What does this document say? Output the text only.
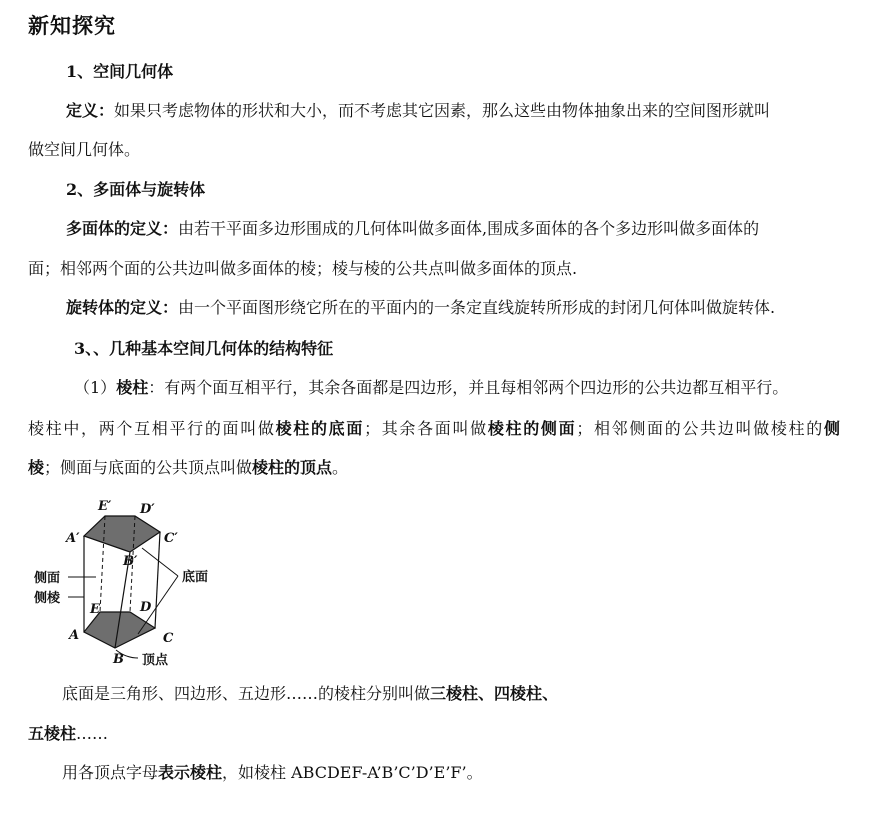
新知探究
1、空间几何体
定义：如果只考虑物体的形状和大小，而不考虑其它因素，那么这些由物体抽象出来的空间图形就叫
做空间几何体。
2、多面体与旋转体
多面体的定义：由若干平面多边形围成的几何体叫做多面体,围成多面体的各个多边形叫做多面体的
面；相邻两个面的公共边叫做多面体的棱；棱与棱的公共点叫做多面体的顶点.
旋转体的定义：由一个平面图形绕它所在的平面内的一条定直线旋转所形成的封闭几何体叫做旋转体.
3、、几种基本空间几何体的结构特征
（1）棱柱：有两个面互相平行，其余各面都是四边形，并且每相邻两个四边形的公共边都互相平行。
棱柱中，两个互相平行的面叫做棱柱的底面；其余各面叫做棱柱的侧面；相邻侧面的公共边叫做棱柱的侧
棱；侧面与底面的公共顶点叫做棱柱的顶点。
E′ D′
A′	C′
B′
E	D
A	C
B
侧面
侧棱
底面
顶点
底面是三角形、四边形、五边形……的棱柱分别叫做三棱柱、四棱柱、
五棱柱……
用各顶点字母表示棱柱，如棱柱 ABCDEF-A’B’C’D’E’F’。
